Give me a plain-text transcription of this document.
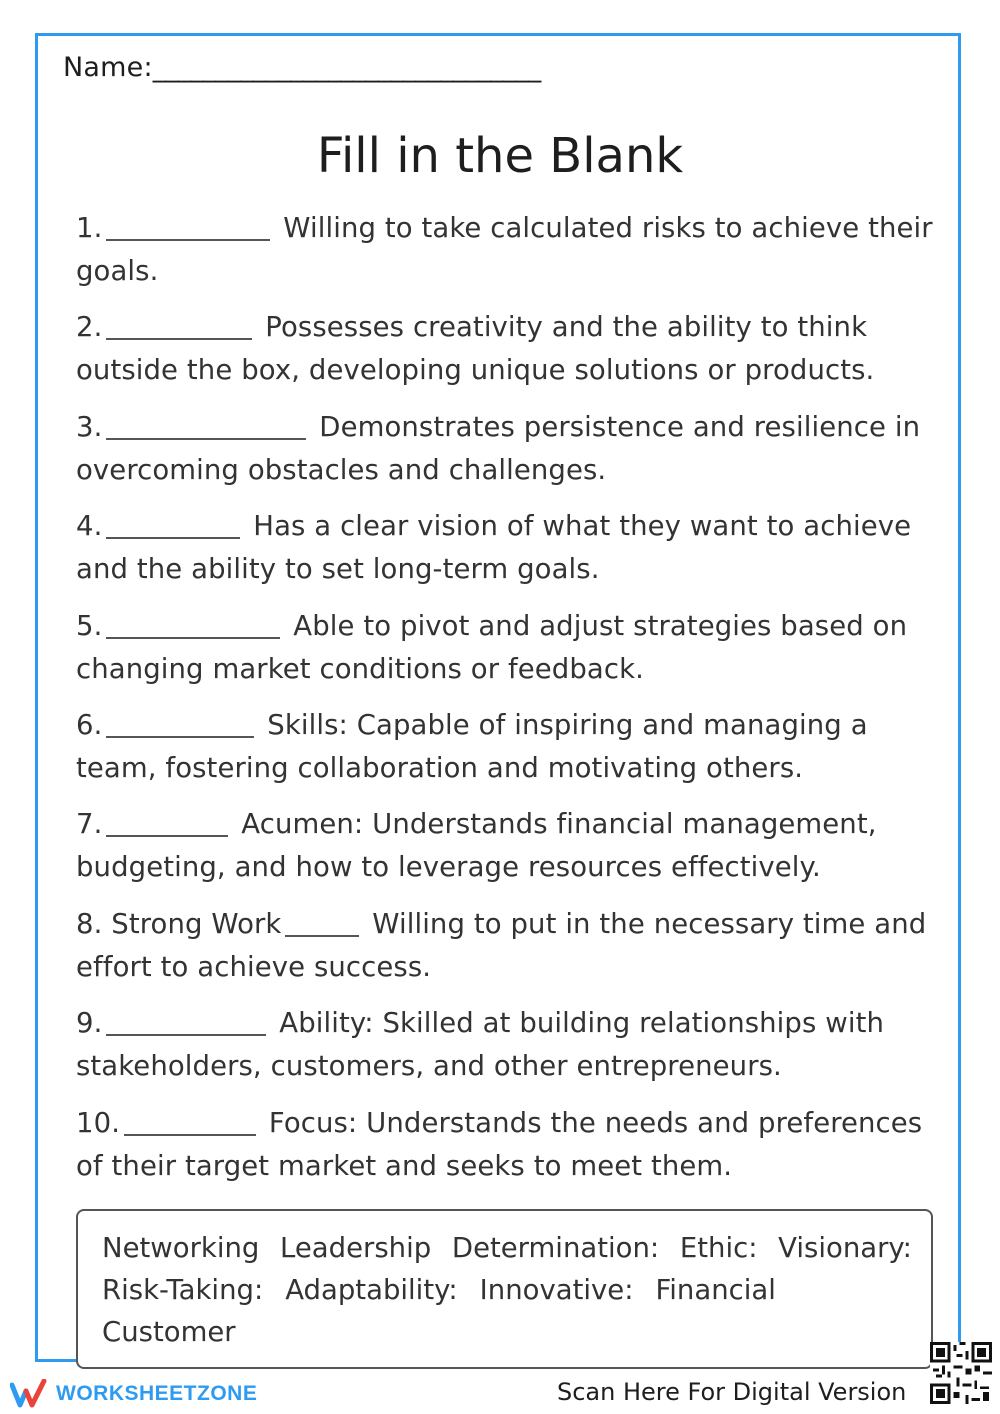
Name:_______________________________
Fill in the Blank
1.	Willing to take calculated risks to achieve their goals.
2.	Possesses creativity and the ability to think outside the box, developing unique solutions or products.
3.	Demonstrates persistence and resilience in overcoming obstacles and challenges.
4.	Has a clear vision of what they want to achieve and the ability to set long-term goals.
5.	Able to pivot and adjust strategies based on changing market conditions or feedback.
6.	Skills: Capable of inspiring and managing a team, fostering collaboration and motivating others.
7.	Acumen: Understands financial management, budgeting, and how to leverage resources effectively.
8. Strong Work	Willing to put in the necessary time and effort to achieve success.
9.	Ability: Skilled at building relationships with stakeholders, customers, and other entrepreneurs.
10.	Focus: Understands the needs and preferences of their target market and seeks to meet them.
Networking Leadership Determination: Ethic: Visionary:
Risk-Taking: Adaptability: Innovative: Financial
Customer
WORKSHEETZONE	Scan Here For Digital Version
